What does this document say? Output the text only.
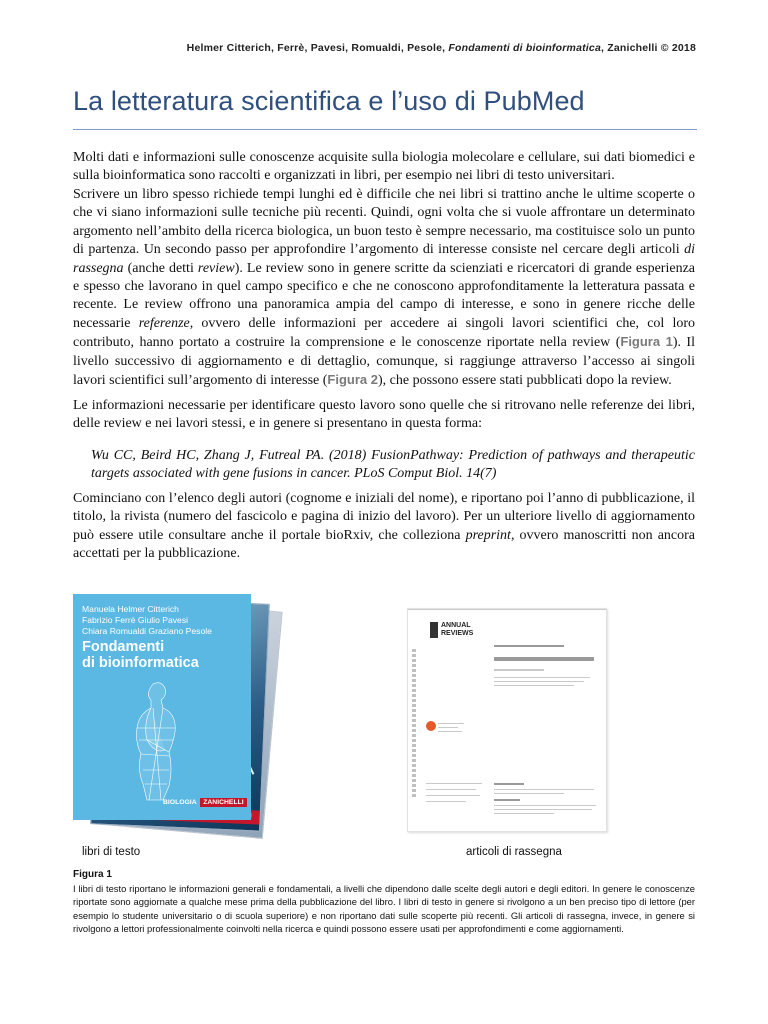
Helmer Citterich, Ferrè, Pavesi, Romualdi, Pesole, Fondamenti di bioinformatica, Zanichelli © 2018
La letteratura scientifica e l’uso di PubMed

Molti dati e informazioni sulle conoscenze acquisite sulla biologia molecolare e cellulare, sui dati biomedici e sulla bioinformatica sono raccolti e organizzati in libri, per esempio nei libri di testo universitari.

Scrivere un libro spesso richiede tempi lunghi ed è difficile che nei libri si trattino anche le ultime scoperte o che vi siano informazioni sulle tecniche più recenti. Quindi, ogni volta che si vuole affrontare un determinato argomento nell’ambito della ricerca biologica, un buon testo è sempre necessario, ma costituisce solo un punto di partenza. Un secondo passo per approfondire l’argomento di interesse consiste nel cercare degli articoli di rassegna (anche detti review). Le review sono in genere scritte da scienziati e ricercatori di grande esperienza e spesso che lavorano in quel campo specifico e che ne conoscono approfonditamente la letteratura passata e recente. Le review offrono una panoramica ampia del campo di interesse, e sono in genere ricche delle necessarie referenze, ovvero delle informazioni per accedere ai singoli lavori scientifici che, col loro contributo, hanno portato a costruire la comprensione e le conoscenze riportate nella review (Figura 1). Il livello successivo di aggiornamento e di dettaglio, comunque, si raggiunge attraverso l’accesso ai singoli lavori scientifici sull’argomento di interesse (Figura 2), che possono essere stati pubblicati dopo la review.

Le informazioni necessarie per identificare questo lavoro sono quelle che si ritrovano nelle referenze dei libri, delle review e nei lavori stessi, e in genere si presentano in questa forma:

Wu CC, Beird HC, Zhang J, Futreal PA. (2018) FusionPathway: Prediction of pathways and therapeutic targets associated with gene fusions in cancer. PLoS Comput Biol. 14(7)

Cominciano con l’elenco degli autori (cognome e iniziali del nome), e riportano poi l’anno di pubblicazione, il titolo, la rivista (numero del fascicolo e pagina di inizio del lavoro). Per un ulteriore livello di aggiornamento può essere utile consultare anche il portale bioRxiv, che colleziona preprint, ovvero manoscritti non ancora accettati per la pubblicazione.

Manuela Helmer Citterich
Fabrizio Ferrè Giulio Pavesi
Chiara Romualdi Graziano Pesole
Fondamenti
di bioinformatica
BIOLOGIA ZANICHELLI
ANNUAL
REVIEWS
libri di testo	articoli di rassegna
Figura 1
I libri di testo riportano le informazioni generali e fondamentali, a livelli che dipendono dalle scelte degli autori e degli editori. In genere le conoscenze riportate sono aggiornate a qualche mese prima della pubblicazione del libro. I libri di testo in genere si rivolgono a un ben preciso tipo di lettore (per esempio lo studente universitario o di scuola superiore) e non riportano dati sulle scoperte più recenti. Gli articoli di rassegna, invece, in genere si rivolgono a lettori professionalmente coinvolti nella ricerca e quindi possono essere usati per approfondimenti e come aggiornamenti.
